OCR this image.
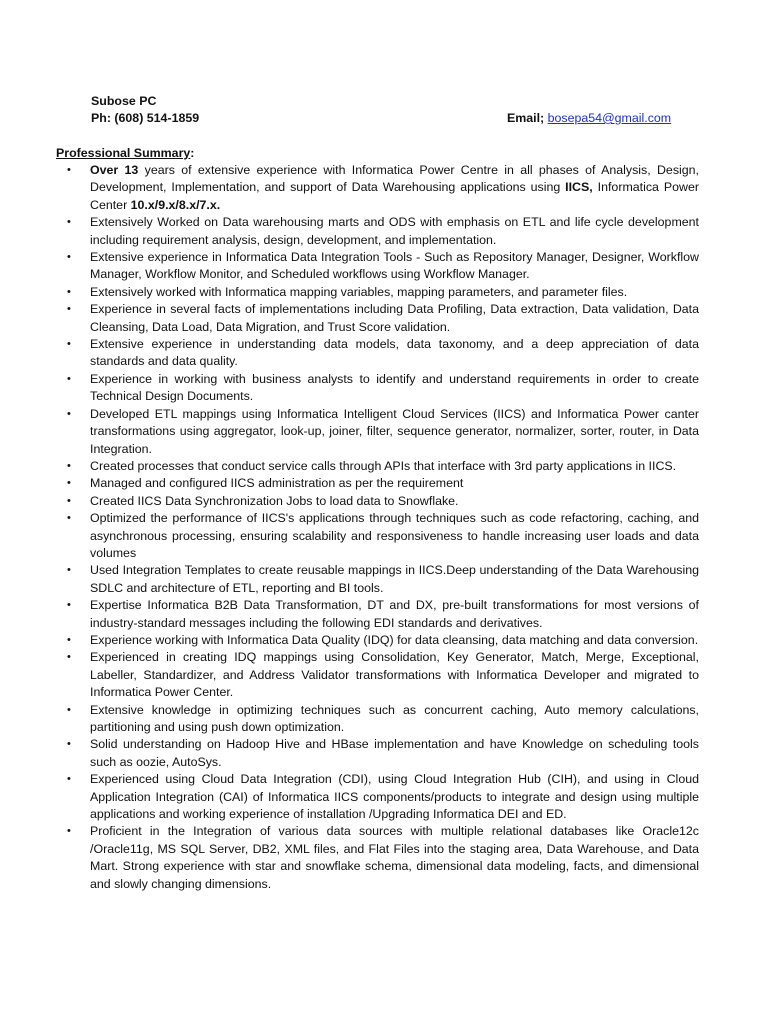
Subose PC
Ph: (608) 514-1859	Email; bosepa54@gmail.com
Professional Summary:
• Over 13 years of extensive experience with Informatica Power Centre in all phases of Analysis, Design, Development, Implementation, and support of Data Warehousing applications using IICS, Informatica Power Center 10.x/9.x/8.x/7.x.
• Extensively Worked on Data warehousing marts and ODS with emphasis on ETL and life cycle development including requirement analysis, design, development, and implementation.
• Extensive experience in Informatica Data Integration Tools - Such as Repository Manager, Designer, Workflow Manager, Workflow Monitor, and Scheduled workflows using Workflow Manager.
• Extensively worked with Informatica mapping variables, mapping parameters, and parameter files.
• Experience in several facts of implementations including Data Profiling, Data extraction, Data validation, Data Cleansing, Data Load, Data Migration, and Trust Score validation.
• Extensive experience in understanding data models, data taxonomy, and a deep appreciation of data standards and data quality.
• Experience in working with business analysts to identify and understand requirements in order to create Technical Design Documents.
• Developed ETL mappings using Informatica Intelligent Cloud Services (IICS) and Informatica Power canter transformations using aggregator, look-up, joiner, filter, sequence generator, normalizer, sorter, router, in Data Integration.
• Created processes that conduct service calls through APIs that interface with 3rd party applications in IICS.
• Managed and configured IICS administration as per the requirement
• Created IICS Data Synchronization Jobs to load data to Snowflake.
• Optimized the performance of IICS's applications through techniques such as code refactoring, caching, and asynchronous processing, ensuring scalability and responsiveness to handle increasing user loads and data volumes
• Used Integration Templates to create reusable mappings in IICS.Deep understanding of the Data Warehousing SDLC and architecture of ETL, reporting and BI tools.
• Expertise Informatica B2B Data Transformation, DT and DX, pre-built transformations for most versions of industry-standard messages including the following EDI standards and derivatives.
• Experience working with Informatica Data Quality (IDQ) for data cleansing, data matching and data conversion.
• Experienced in creating IDQ mappings using Consolidation, Key Generator, Match, Merge, Exceptional, Labeller, Standardizer, and Address Validator transformations with Informatica Developer and migrated to Informatica Power Center.
• Extensive knowledge in optimizing techniques such as concurrent caching, Auto memory calculations, partitioning and using push down optimization.
• Solid understanding on Hadoop Hive and HBase implementation and have Knowledge on scheduling tools such as oozie, AutoSys.
• Experienced using Cloud Data Integration (CDI), using Cloud Integration Hub (CIH), and using in Cloud Application Integration (CAI) of Informatica IICS components/products to integrate and design using multiple applications and working experience of installation /Upgrading Informatica DEI and ED.
• Proficient in the Integration of various data sources with multiple relational databases like Oracle12c /Oracle11g, MS SQL Server, DB2, XML files, and Flat Files into the staging area, Data Warehouse, and Data Mart. Strong experience with star and snowflake schema, dimensional data modeling, facts, and dimensional and slowly changing dimensions.
